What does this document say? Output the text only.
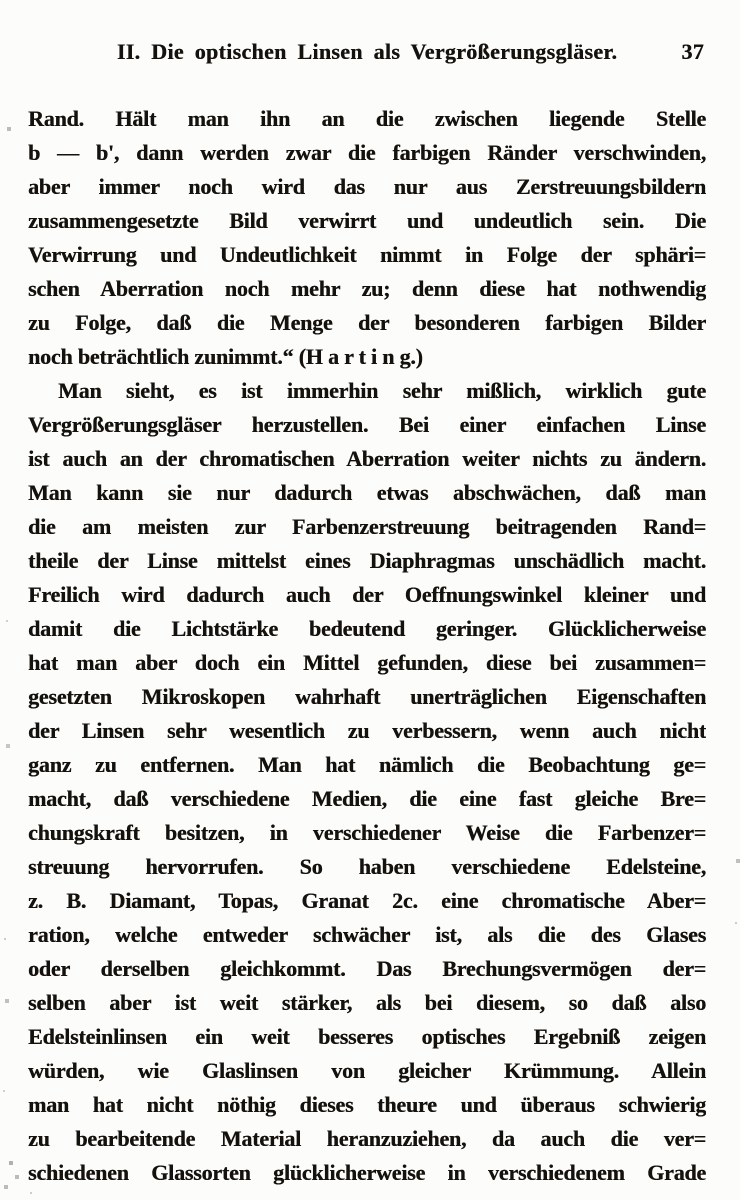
II. Die optischen Linsen als Vergrößerungsgläser.	37
Rand. Hält man ihn an die zwischen liegende Stelle
b — b', dann werden zwar die farbigen Ränder verschwinden,
aber immer noch wird das nur aus Zerstreuungsbildern
zusammengesetzte Bild verwirrt und undeutlich sein. Die
Verwirrung und Undeutlichkeit nimmt in Folge der sphäri=
schen Aberration noch mehr zu; denn diese hat nothwendig
zu Folge, daß die Menge der besonderen farbigen Bilder
noch beträchtlich zunimmt.“ (H a r t i n g.)
Man sieht, es ist immerhin sehr mißlich, wirklich gute
Vergrößerungsgläser herzustellen. Bei einer einfachen Linse
ist auch an der chromatischen Aberration weiter nichts zu ändern.
Man kann sie nur dadurch etwas abschwächen, daß man
die am meisten zur Farbenzerstreuung beitragenden Rand=
theile der Linse mittelst eines Diaphragmas unschädlich macht.
Freilich wird dadurch auch der Oeffnungswinkel kleiner und
damit die Lichtstärke bedeutend geringer. Glücklicherweise
hat man aber doch ein Mittel gefunden, diese bei zusammen=
gesetzten Mikroskopen wahrhaft unerträglichen Eigenschaften
der Linsen sehr wesentlich zu verbessern, wenn auch nicht
ganz zu entfernen. Man hat nämlich die Beobachtung ge=
macht, daß verschiedene Medien, die eine fast gleiche Bre=
chungskraft besitzen, in verschiedener Weise die Farbenzer=
streuung hervorrufen. So haben verschiedene Edelsteine,
z. B. Diamant, Topas, Granat 2c. eine chromatische Aber=
ration, welche entweder schwächer ist, als die des Glases
oder derselben gleichkommt. Das Brechungsvermögen der=
selben aber ist weit stärker, als bei diesem, so daß also
Edelsteinlinsen ein weit besseres optisches Ergebniß zeigen
würden, wie Glaslinsen von gleicher Krümmung. Allein
man hat nicht nöthig dieses theure und überaus schwierig
zu bearbeitende Material heranzuziehen, da auch die ver=
schiedenen Glassorten glücklicherweise in verschiedenem Grade
